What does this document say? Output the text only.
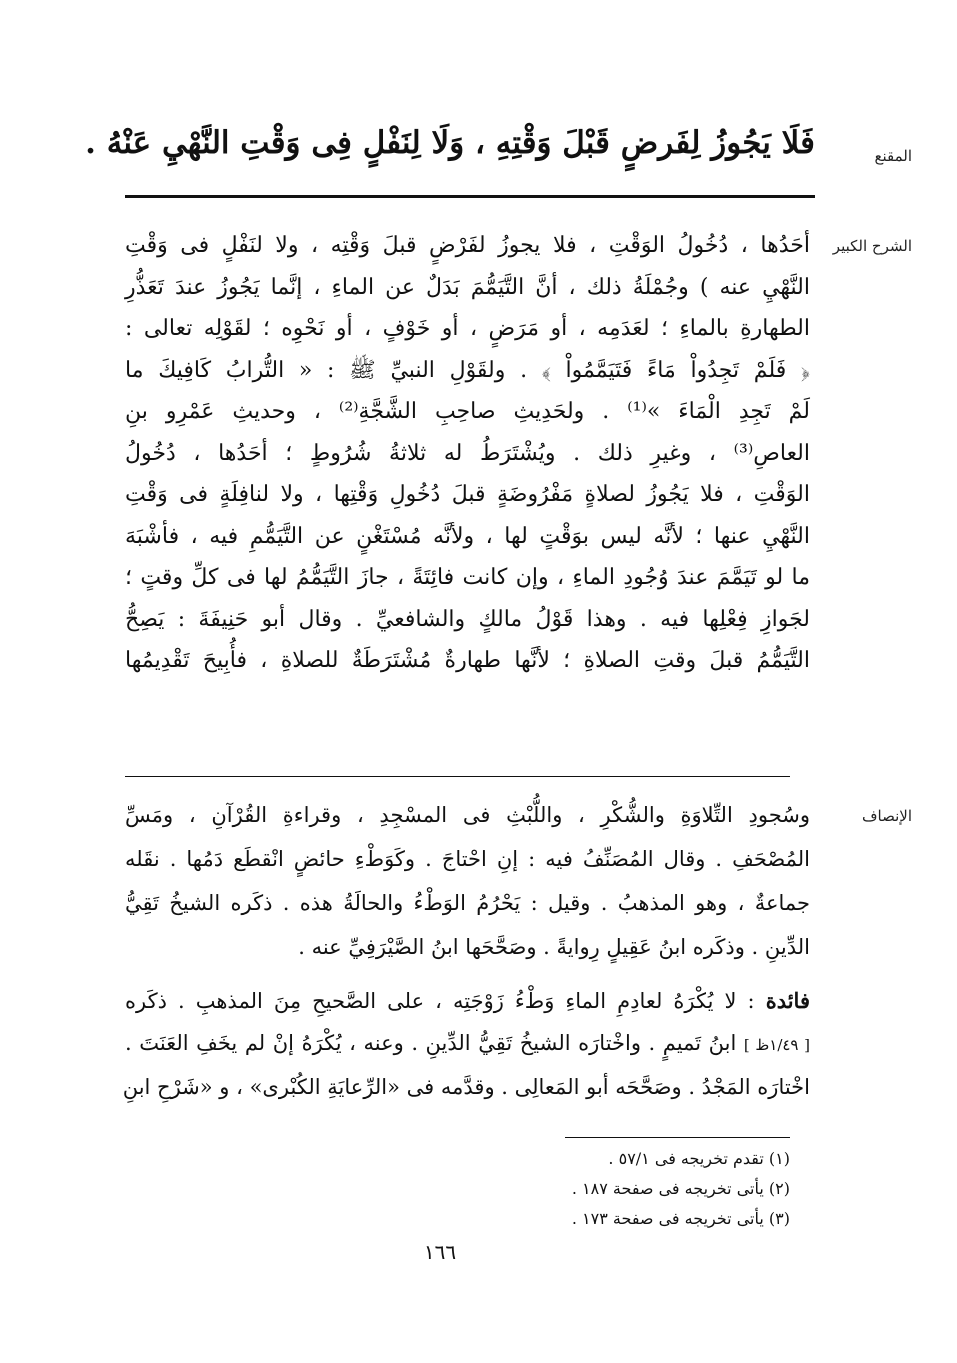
المقنع
فَلَا يَجُوزُ لِفَرضٍ قَبْلَ وَقْتِهِ ، وَلَا لِنَفْلٍ فِى وَقْتِ النَّهْيِ عَنْهُ .
الشرح الكبير
أحَدُها ، دُخُولُ الوَقْتِ ، فلا يجوزُ لفَرْضٍ قبلَ وَقْتِه ، ولا لنَفْلٍ فى وَقْتِ
النَّهْيِ عنه ) وجُمْلَةُ ذلك ، أنَّ التَّيَمُّمَ بَدَلٌ عن الماءِ ، إنَّما يَجُوزُ عندَ تَعَذُّرِ
الطهارةِ بالماءِ ؛ لعَدَمِه ، أو مَرَضٍ ، أو خَوْفٍ ، أو نَحْوِه ؛ لقَوْلِه تعالى :
﴿ فَلَمْ تَجِدُواْ مَاءً فَتَيَمَّمُواْ ﴾ . ولقَوْلِ النبيِّ ﷺ : « التُّرابُ كَافِيكَ ما
لَمْ تَجِدِ الْمَاءَ »⁽¹⁾ . ولحَدِيثِ صاحِبِ الشَّجَّةِ⁽²⁾ ، وحديثِ عَمْرِو بنِ
العاصِ⁽³⁾ ، وغيرِ ذلك . ويُشْتَرَطُ له ثلاثةُ شُرُوطٍ ؛ أحَدُها ، دُخُولُ
الوَقْتِ ، فلا يَجُوزُ لصلاةٍ مَفْرُوضَةٍ قبلَ دُخُولِ وَقْتِها ، ولا لنافِلَةٍ فى وَقْتِ
النَّهْيِ عنها ؛ لأنَّه ليس بوَقْتٍ لها ، ولأنَّه مُسْتَغْنٍ عن التَّيَمُّمِ فيه ، فأشْبَهَ
ما لو تَيَمَّمَ عندَ وُجُودِ الماءِ ، وإن كانت فائِتَةً ، جازَ التَّيَمُّمُ لها فى كلِّ وقتٍ ؛
لجَوازِ فِعْلِها فيه . وهذا قَوْلُ مالكٍ والشافعيِّ . وقال أبو حَنِيفَةَ : يَصِحُّ
التَّيَمُّمُ قبلَ وقتِ الصلاةِ ؛ لأنَّها طهارةٌ مُشْتَرَطَةٌ للصلاةِ ، فأُبِيحَ تَقْدِيمُها
الإنصاف
وسُجودِ التِّلاوَةِ والشُّكْرِ ، واللُّبْثِ فى المسْجِدِ ، وقراءةِ القُرْآنِ ، ومَسِّ
المُصْحَفِ . وقال المُصَنِّفُ فيه : إنِ احْتاجَ . وكَوَطْءِ حائضٍ انْقطَع دَمُها . نقَله
جماعةٌ ، وهو المذهبُ . وقيل : يَحْرُمُ الوَطْءُ والحالَةُ هذه . ذكَره الشيخُ تَقِيُّ
الدِّينِ . وذكَره ابنُ عَقِيلٍ رِوايةً . وصَحَّحَها ابنُ الصَّيْرَفِيِّ عنه .
فائدة : لا يُكْرَهُ لعادِمِ الماءِ وَطْءُ زَوْجَتِه ، على الصَّحيحِ مِنَ المذهبِ . ذكَره
[ ١/٤٩ظ ] ابنُ تَميمٍ . واخْتارَه الشيخُ تَقِيُّ الدِّينِ . وعنه ، يُكْرَهُ إنْ لم يخَفِ العَنَتَ .
اخْتارَه المَجْدُ . وصَحَّحَه أبو المَعالِى . وقدَّمه فى «الرِّعايَةِ الكُبْرى» ، و «شَرْحِ ابنِ
(١) تقدم تخريجه فى ٥٧/١ .
(٢) يأتى تخريجه فى صفحة ١٨٧ .
(٣) يأتى تخريجه فى صفحة ١٧٣ .
١٦٦
